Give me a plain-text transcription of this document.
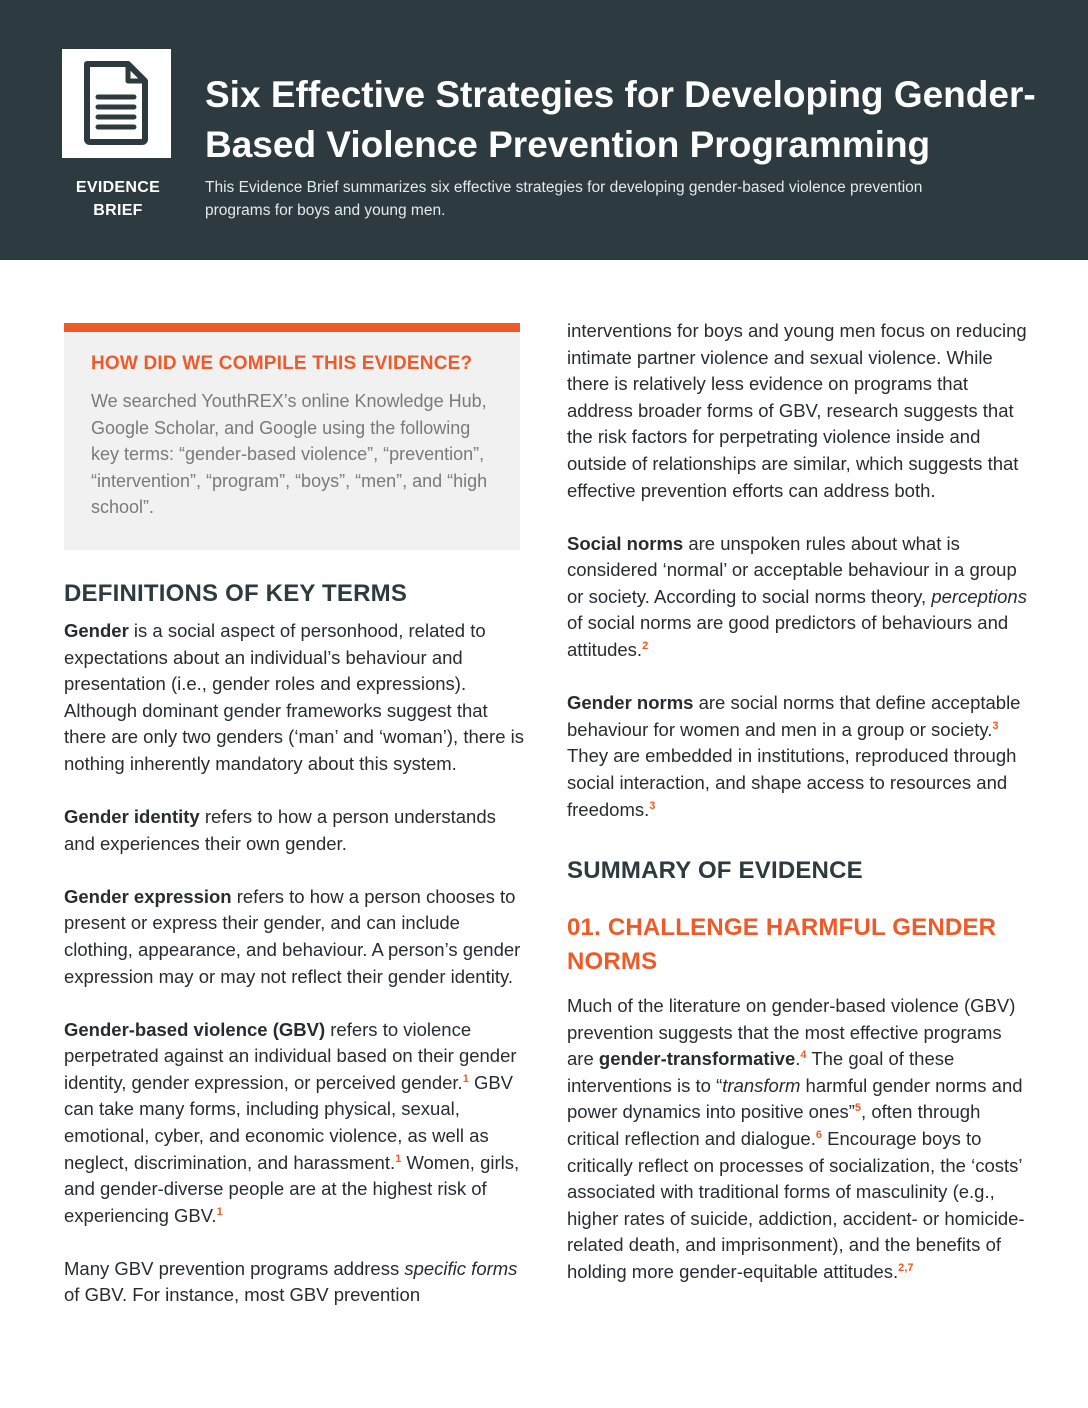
EVIDENCE
BRIEF
Six Effective Strategies for Developing Gender-Based Violence Prevention Programming

This Evidence Brief summarizes six effective strategies for developing gender-based violence prevention programs for boys and young men.

HOW DID WE COMPILE THIS EVIDENCE?

We searched YouthREX’s online Knowledge Hub, Google Scholar, and Google using the following key terms: “gender-based violence”, “prevention”, “intervention”, “program”, “boys”, “men”, and “high school”.

DEFINITIONS OF KEY TERMS

Gender is a social aspect of personhood, related to expectations about an individual’s behaviour and presentation (i.e., gender roles and expressions). Although dominant gender frameworks suggest that there are only two genders (‘man’ and ‘woman’), there is nothing inherently mandatory about this system.

Gender identity refers to how a person understands and experiences their own gender.

Gender expression refers to how a person chooses to present or express their gender, and can include clothing, appearance, and behaviour. A person’s gender expression may or may not reflect their gender identity.

Gender-based violence (GBV) refers to violence perpetrated against an individual based on their gender identity, gender expression, or perceived gender.$^1$ GBV can take many forms, including physical, sexual, emotional, cyber, and economic violence, as well as neglect, discrimination, and harassment.$^1$ Women, girls, and gender-diverse people are at the highest risk of experiencing GBV.$^1$

Many GBV prevention programs address specific forms of GBV. For instance, most GBV prevention

interventions for boys and young men focus on reducing intimate partner violence and sexual violence. While there is relatively less evidence on programs that address broader forms of GBV, research suggests that the risk factors for perpetrating violence inside and outside of relationships are similar, which suggests that effective prevention efforts can address both.

Social norms are unspoken rules about what is considered ‘normal’ or acceptable behaviour in a group or society. According to social norms theory, perceptions of social norms are good predictors of behaviours and attitudes.$^2$

Gender norms are social norms that define acceptable behaviour for women and men in a group or society.$^3$ They are embedded in institutions, reproduced through social interaction, and shape access to resources and freedoms.$^3$

SUMMARY OF EVIDENCE
01. CHALLENGE HARMFUL GENDER NORMS

Much of the literature on gender-based violence (GBV) prevention suggests that the most effective programs are gender-transformative.$^4$ The goal of these interventions is to “transform harmful gender norms and power dynamics into positive ones”$^5$, often through critical reflection and dialogue.$^6$ Encourage boys to critically reflect on processes of socialization, the ‘costs’ associated with traditional forms of masculinity (e.g., higher rates of suicide, addiction, accident- or homicide-related death, and imprisonment), and the benefits of holding more gender-equitable attitudes.$^{2,7}$
